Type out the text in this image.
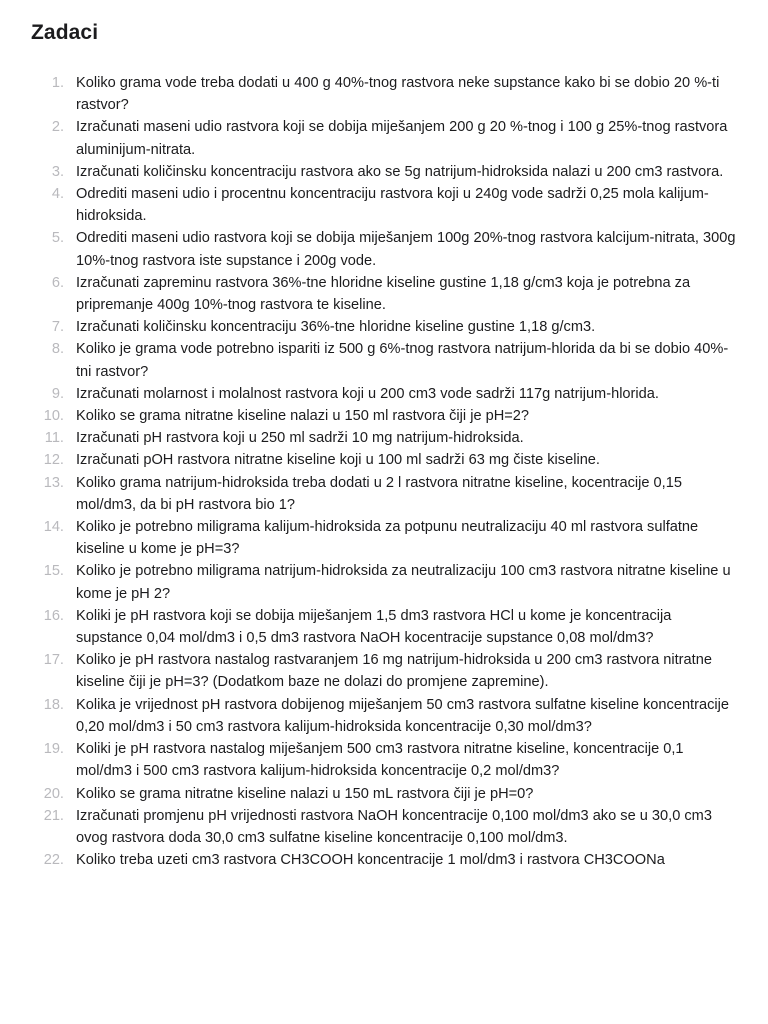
Zadaci
1. Koliko grama vode treba dodati u 400 g 40%-tnog rastvora neke supstance kako bi se dobio 20 %-ti rastvor?
2. Izračunati maseni udio rastvora koji se dobija miješanjem 200 g 20 %-tnog i 100 g 25%-tnog rastvora aluminijum-nitrata.
3. Izračunati količinsku koncentraciju rastvora ako se 5g natrijum-hidroksida nalazi u 200 cm3 rastvora.
4. Odrediti maseni udio i procentnu koncentraciju rastvora koji u 240g vode sadrži 0,25 mola kalijum-hidroksida.
5. Odrediti maseni udio rastvora koji se dobija miješanjem 100g 20%-tnog rastvora kalcijum-nitrata, 300g 10%-tnog rastvora iste supstance i 200g vode.
6. Izračunati zapreminu rastvora 36%-tne hloridne kiseline gustine 1,18 g/cm3 koja je potrebna za pripremanje 400g 10%-tnog rastvora te kiseline.
7. Izračunati količinsku koncentraciju 36%-tne hloridne kiseline gustine 1,18 g/cm3.
8. Koliko je grama vode potrebno ispariti iz 500 g 6%-tnog rastvora natrijum-hlorida da bi se dobio 40%-tni rastvor?
9. Izračunati molarnost i molalnost rastvora koji u 200 cm3 vode sadrži 117g natrijum-hlorida.
10. Koliko se grama nitratne kiseline nalazi u 150 ml rastvora čiji je pH=2?
11. Izračunati pH rastvora koji u 250 ml sadrži 10 mg natrijum-hidroksida.
12. Izračunati pOH rastvora nitratne kiseline koji u 100 ml sadrži 63 mg čiste kiseline.
13. Koliko grama natrijum-hidroksida treba dodati u 2 l rastvora nitratne kiseline, kocentracije 0,15 mol/dm3, da bi pH rastvora bio 1?
14. Koliko je potrebno miligrama kalijum-hidroksida za potpunu neutralizaciju 40 ml rastvora sulfatne kiseline u kome je pH=3?
15. Koliko je potrebno miligrama natrijum-hidroksida za neutralizaciju 100 cm3 rastvora nitratne kiseline u kome je pH 2?
16. Koliki je pH rastvora koji se dobija miješanjem 1,5 dm3 rastvora HCl u kome je koncentracija supstance 0,04 mol/dm3 i 0,5 dm3 rastvora NaOH kocentracije supstance 0,08 mol/dm3?
17. Koliko je pH rastvora nastalog rastvaranjem 16 mg natrijum-hidroksida u 200 cm3 rastvora nitratne kiseline čiji je pH=3? (Dodatkom baze ne dolazi do promjene zapremine).
18. Kolika je vrijednost pH rastvora dobijenog miješanjem 50 cm3 rastvora sulfatne kiseline koncentracije 0,20 mol/dm3 i 50 cm3 rastvora kalijum-hidroksida koncentracije 0,30 mol/dm3?
19. Koliki je pH rastvora nastalog miješanjem 500 cm3 rastvora nitratne kiseline, koncentracije 0,1 mol/dm3 i 500 cm3 rastvora kalijum-hidroksida koncentracije 0,2 mol/dm3?
20. Koliko se grama nitratne kiseline nalazi u 150 mL rastvora čiji je pH=0?
21. Izračunati promjenu pH vrijednosti rastvora NaOH koncentracije 0,100 mol/dm3 ako se u 30,0 cm3 ovog rastvora doda 30,0 cm3 sulfatne kiseline koncentracije 0,100 mol/dm3.
22. Koliko treba uzeti cm3 rastvora CH3COOH koncentracije 1 mol/dm3 i rastvora CH3COONa
